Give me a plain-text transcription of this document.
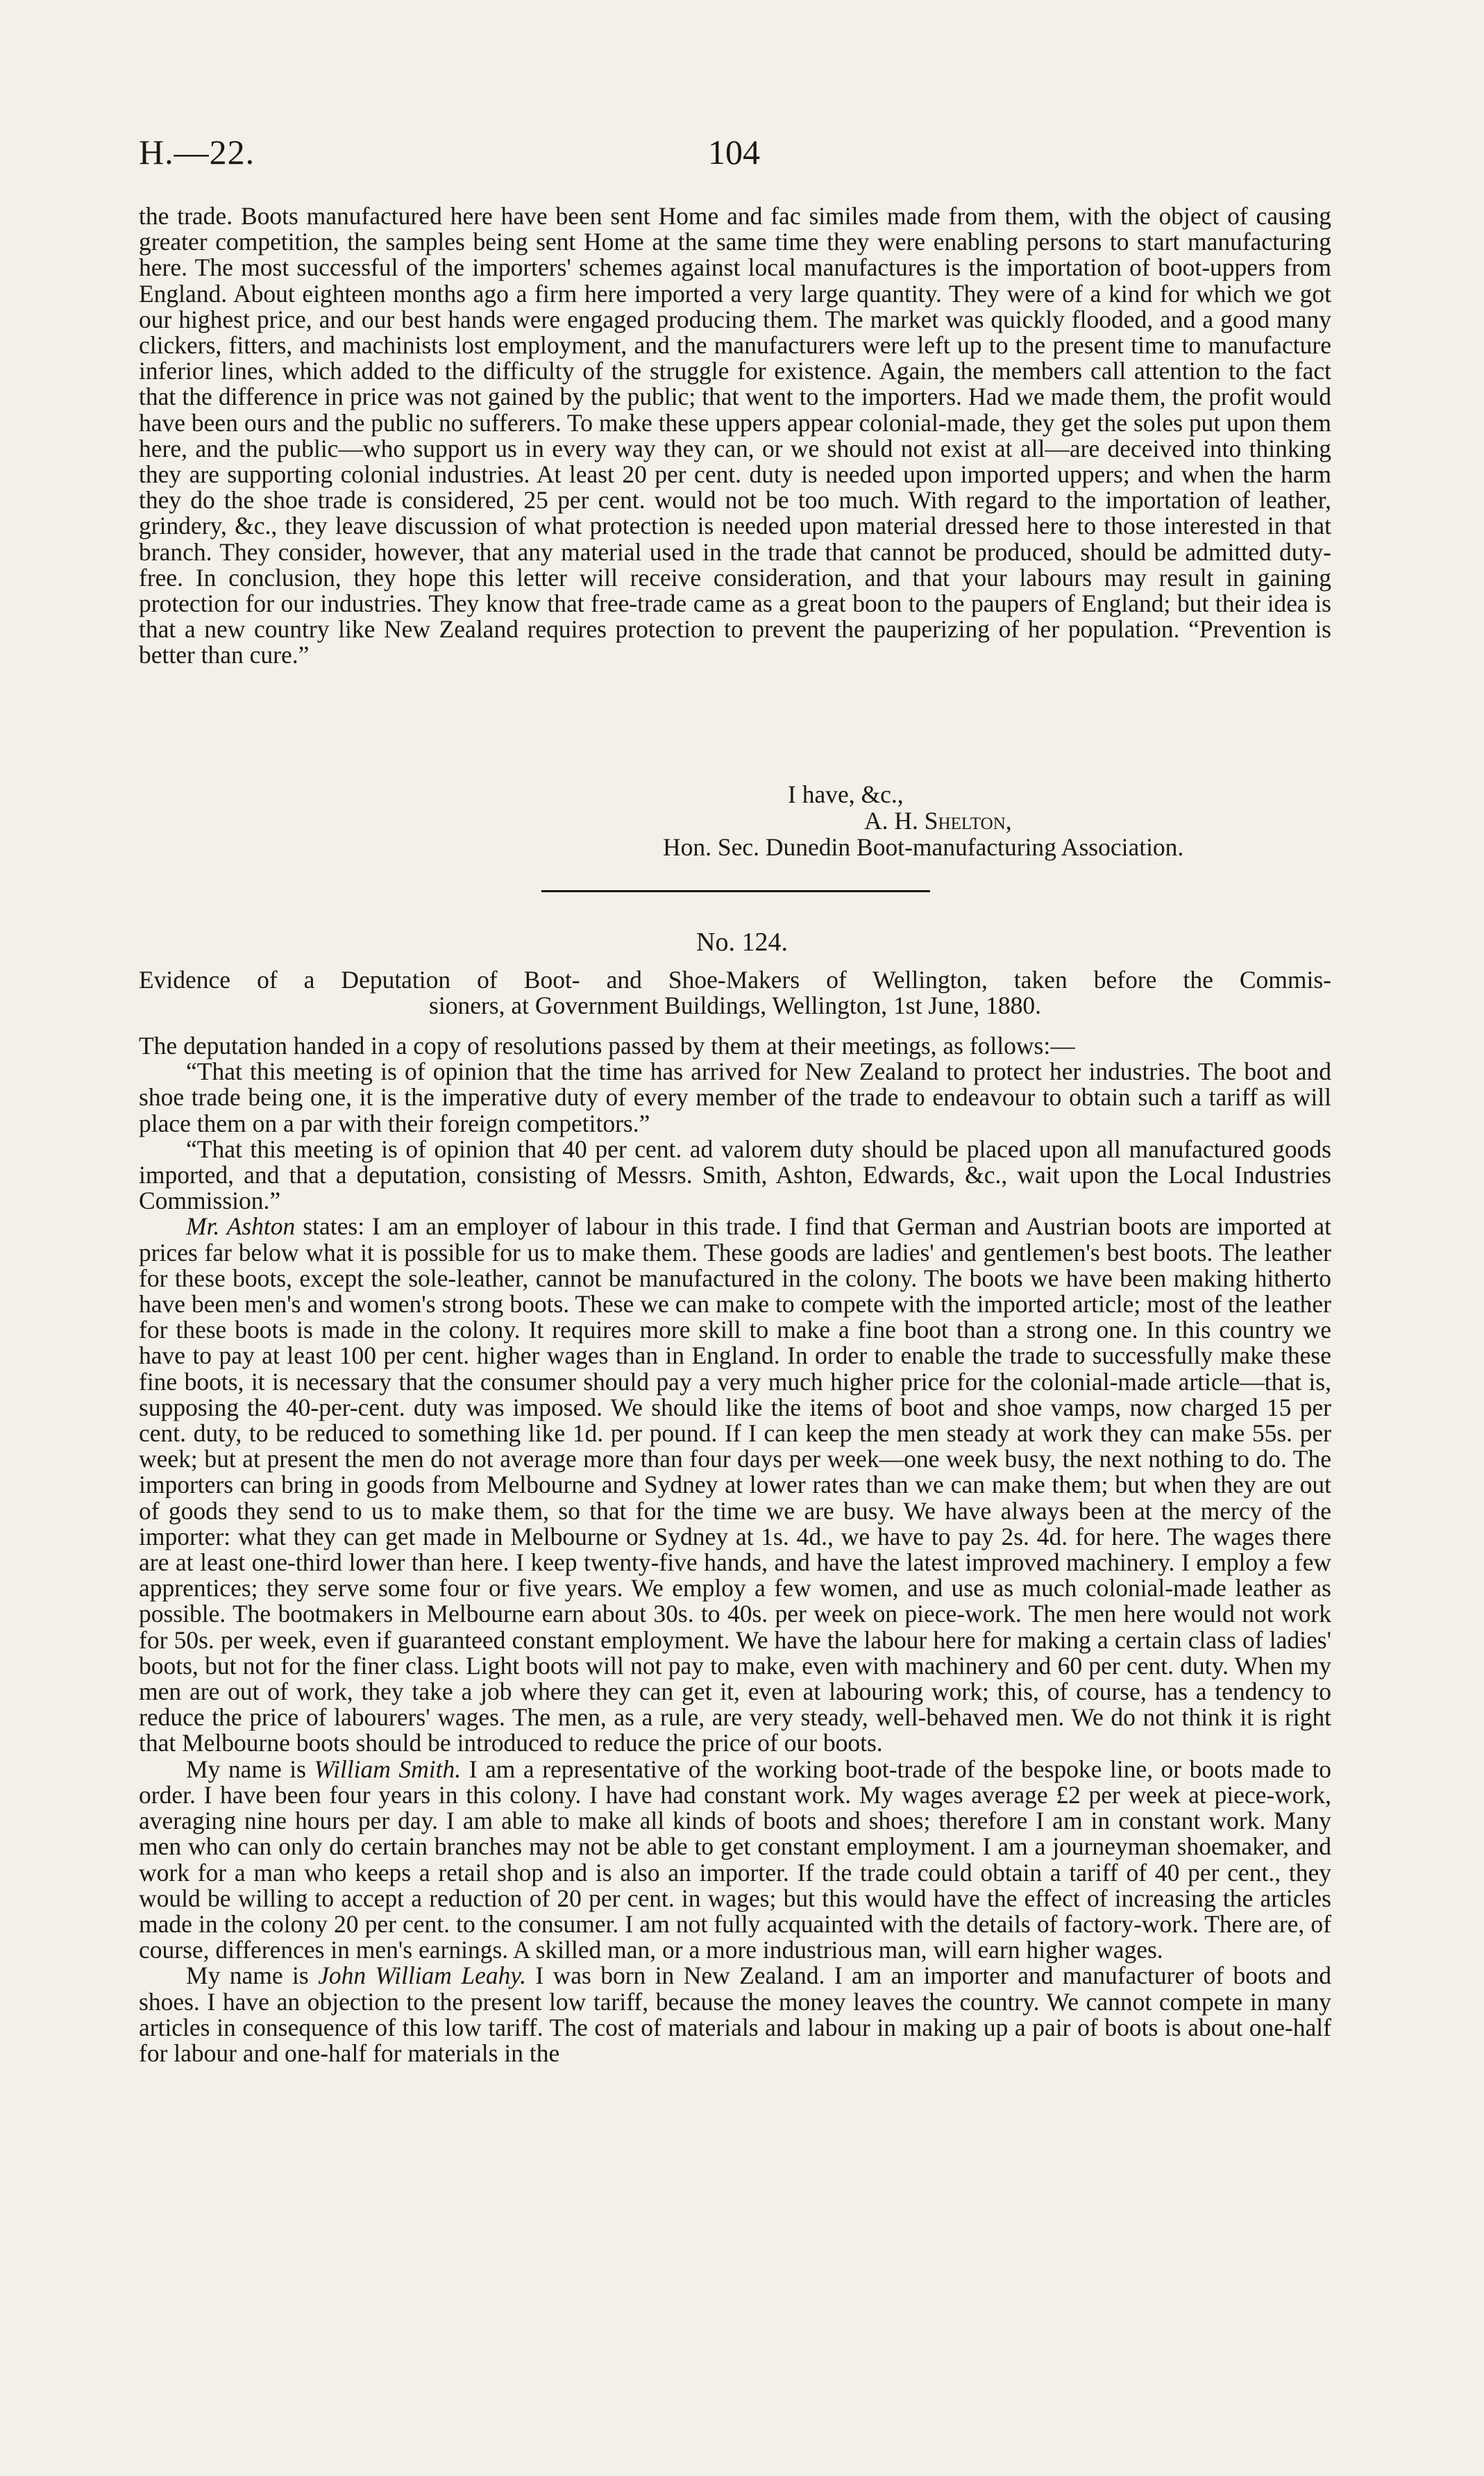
H.—22.	104

the trade. Boots manufactured here have been sent Home and fac similes made from them, with the object of causing greater competition, the samples being sent Home at the same time they were enabling persons to start manufacturing here. The most successful of the importers' schemes against local manufactures is the importation of boot-uppers from England. About eighteen months ago a firm here imported a very large quantity. They were of a kind for which we got our highest price, and our best hands were engaged producing them. The market was quickly flooded, and a good many clickers, fitters, and machinists lost employment, and the manufacturers were left up to the present time to manufacture inferior lines, which added to the difficulty of the struggle for existence. Again, the members call attention to the fact that the difference in price was not gained by the public; that went to the importers. Had we made them, the profit would have been ours and the public no sufferers. To make these uppers appear colonial-made, they get the soles put upon them here, and the public—who support us in every way they can, or we should not exist at all—are deceived into thinking they are supporting colonial industries. At least 20 per cent. duty is needed upon imported uppers; and when the harm they do the shoe trade is considered, 25 per cent. would not be too much. With regard to the importation of leather, grindery, &c., they leave discussion of what protection is needed upon material dressed here to those interested in that branch. They consider, however, that any material used in the trade that cannot be produced, should be admitted duty-free. In conclusion, they hope this letter will receive consideration, and that your labours may result in gaining protection for our industries. They know that free-trade came as a great boon to the paupers of England; but their idea is that a new country like New Zealand requires protection to prevent the pauperizing of her population. “Prevention is better than cure.”

I have, &c.,
A. H. Shelton,
Hon. Sec. Dunedin Boot-manufacturing Association.
No. 124.
Evidence of a Deputation of Boot- and Shoe-Makers of Wellington, taken before the Commis-
sioners, at Government Buildings, Wellington, 1st June, 1880.

The deputation handed in a copy of resolutions passed by them at their meetings, as follows:—

“That this meeting is of opinion that the time has arrived for New Zealand to protect her industries. The boot and shoe trade being one, it is the imperative duty of every member of the trade to endeavour to obtain such a tariff as will place them on a par with their foreign competitors.”

“That this meeting is of opinion that 40 per cent. ad valorem duty should be placed upon all manufactured goods imported, and that a deputation, consisting of Messrs. Smith, Ashton, Edwards, &c., wait upon the Local Industries Commission.”

Mr. Ashton states: I am an employer of labour in this trade. I find that German and Austrian boots are imported at prices far below what it is possible for us to make them. These goods are ladies' and gentlemen's best boots. The leather for these boots, except the sole-leather, cannot be manufactured in the colony. The boots we have been making hitherto have been men's and women's strong boots. These we can make to compete with the imported article; most of the leather for these boots is made in the colony. It requires more skill to make a fine boot than a strong one. In this country we have to pay at least 100 per cent. higher wages than in England. In order to enable the trade to successfully make these fine boots, it is necessary that the consumer should pay a very much higher price for the colonial-made article—that is, supposing the 40-per-cent. duty was imposed. We should like the items of boot and shoe vamps, now charged 15 per cent. duty, to be reduced to something like 1d. per pound. If I can keep the men steady at work they can make 55s. per week; but at present the men do not average more than four days per week—one week busy, the next nothing to do. The importers can bring in goods from Melbourne and Sydney at lower rates than we can make them; but when they are out of goods they send to us to make them, so that for the time we are busy. We have always been at the mercy of the importer: what they can get made in Melbourne or Sydney at 1s. 4d., we have to pay 2s. 4d. for here. The wages there are at least one-third lower than here. I keep twenty-five hands, and have the latest improved machinery. I employ a few apprentices; they serve some four or five years. We employ a few women, and use as much colonial-made leather as possible. The bootmakers in Melbourne earn about 30s. to 40s. per week on piece-work. The men here would not work for 50s. per week, even if guaranteed constant employment. We have the labour here for making a certain class of ladies' boots, but not for the finer class. Light boots will not pay to make, even with machinery and 60 per cent. duty. When my men are out of work, they take a job where they can get it, even at labouring work; this, of course, has a tendency to reduce the price of labourers' wages. The men, as a rule, are very steady, well-behaved men. We do not think it is right that Melbourne boots should be introduced to reduce the price of our boots.

My name is William Smith. I am a representative of the working boot-trade of the bespoke line, or boots made to order. I have been four years in this colony. I have had constant work. My wages average £2 per week at piece-work, averaging nine hours per day. I am able to make all kinds of boots and shoes; therefore I am in constant work. Many men who can only do certain branches may not be able to get constant employment. I am a journeyman shoemaker, and work for a man who keeps a retail shop and is also an importer. If the trade could obtain a tariff of 40 per cent., they would be willing to accept a reduction of 20 per cent. in wages; but this would have the effect of increasing the articles made in the colony 20 per cent. to the consumer. I am not fully acquainted with the details of factory-work. There are, of course, differences in men's earnings. A skilled man, or a more industrious man, will earn higher wages.

My name is John William Leahy. I was born in New Zealand. I am an importer and manufacturer of boots and shoes. I have an objection to the present low tariff, because the money leaves the country. We cannot compete in many articles in consequence of this low tariff. The cost of materials and labour in making up a pair of boots is about one-half for labour and one-half for materials in the
